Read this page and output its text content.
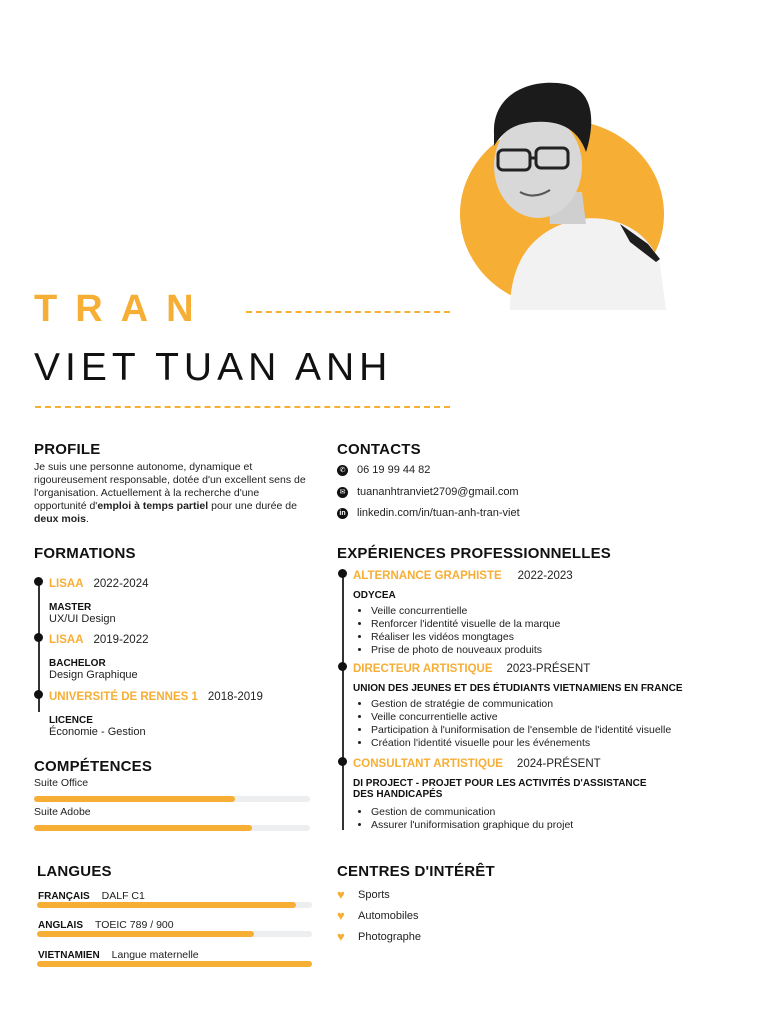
TRAN
VIET TUAN ANH
PROFILE
Je suis une personne autonome, dynamique et rigoureusement responsable, dotée d'un excellent sens de l'organisation. Actuellement à la recherche d'une opportunité d'emploi à temps partiel pour une durée de deux mois.
CONTACTS
✆ 06 19 99 44 82
✉ tuananhtranviet2709@gmail.com
in linkedin.com/in/tuan-anh-tran-viet
FORMATIONS
LISAA 2022-2024
MASTER
UX/UI Design
LISAA 2019-2022
BACHELOR
Design Graphique
UNIVERSITÉ DE RENNES 1 2018-2019
LICENCE
Économie - Gestion
EXPÉRIENCES PROFESSIONNELLES
ALTERNANCE GRAPHISTE 2022-2023
ODYCEA
• Veille concurrentielle
• Renforcer l'identité visuelle de la marque
• Réaliser les vidéos mongtages
• Prise de photo de nouveaux produits
DIRECTEUR ARTISTIQUE 2023-PRÉSENT
UNION DES JEUNES ET DES ÉTUDIANTS VIETNAMIENS EN FRANCE
• Gestion de stratégie de communication
• Veille concurrentielle active
• Participation à l'uniformisation de l'ensemble de l'identité visuelle
• Création l'identité visuelle pour les événements
CONSULTANT ARTISTIQUE 2024-PRÉSENT
DI PROJECT - PROJET POUR LES ACTIVITÉS D'ASSISTANCE
DES HANDICAPÉS
• Gestion de communication
• Assurer l'uniformisation graphique du projet
COMPÉTENCES
Suite Office
Suite Adobe
LANGUES
FRANÇAIS DALF C1
ANGLAIS TOEIC 789 / 900
VIETNAMIEN Langue maternelle
CENTRES D'INTÉRÊT
♥	Sports
♥	Automobiles
♥	Photographe
